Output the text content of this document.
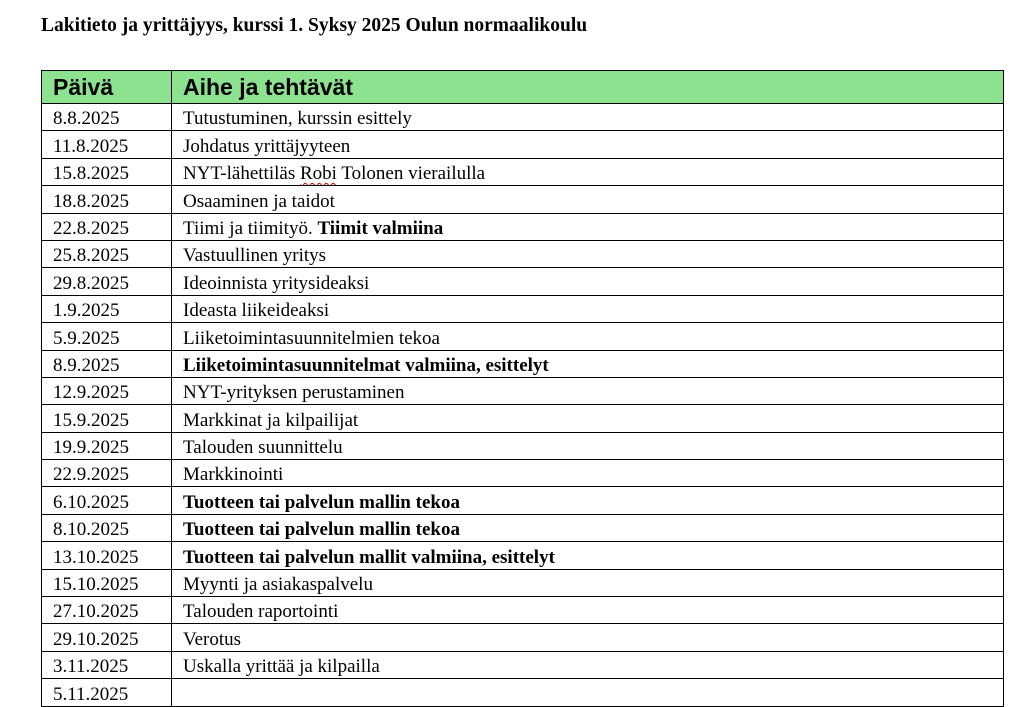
Lakitieto ja yrittäjyys, kurssi 1. Syksy 2025 Oulun normaalikoulu
Päivä	Aihe ja tehtävät
8.8.2025	Tutustuminen, kurssin esittely
11.8.2025	Johdatus yrittäjyyteen
15.8.2025	NYT-lähettiläs Robi Tolonen vierailulla
18.8.2025	Osaaminen ja taidot
22.8.2025	Tiimi ja tiimityö. Tiimit valmiina
25.8.2025	Vastuullinen yritys
29.8.2025	Ideoinnista yritysideaksi
1.9.2025	Ideasta liikeideaksi
5.9.2025	Liiketoimintasuunnitelmien tekoa
8.9.2025	Liiketoimintasuunnitelmat valmiina, esittelyt
12.9.2025	NYT-yrityksen perustaminen
15.9.2025	Markkinat ja kilpailijat
19.9.2025	Talouden suunnittelu
22.9.2025	Markkinointi
6.10.2025	Tuotteen tai palvelun mallin tekoa
8.10.2025	Tuotteen tai palvelun mallin tekoa
13.10.2025	Tuotteen tai palvelun mallit valmiina, esittelyt
15.10.2025	Myynti ja asiakaspalvelu
27.10.2025	Talouden raportointi
29.10.2025	Verotus
3.11.2025	Uskalla yrittää ja kilpailla
5.11.2025	
